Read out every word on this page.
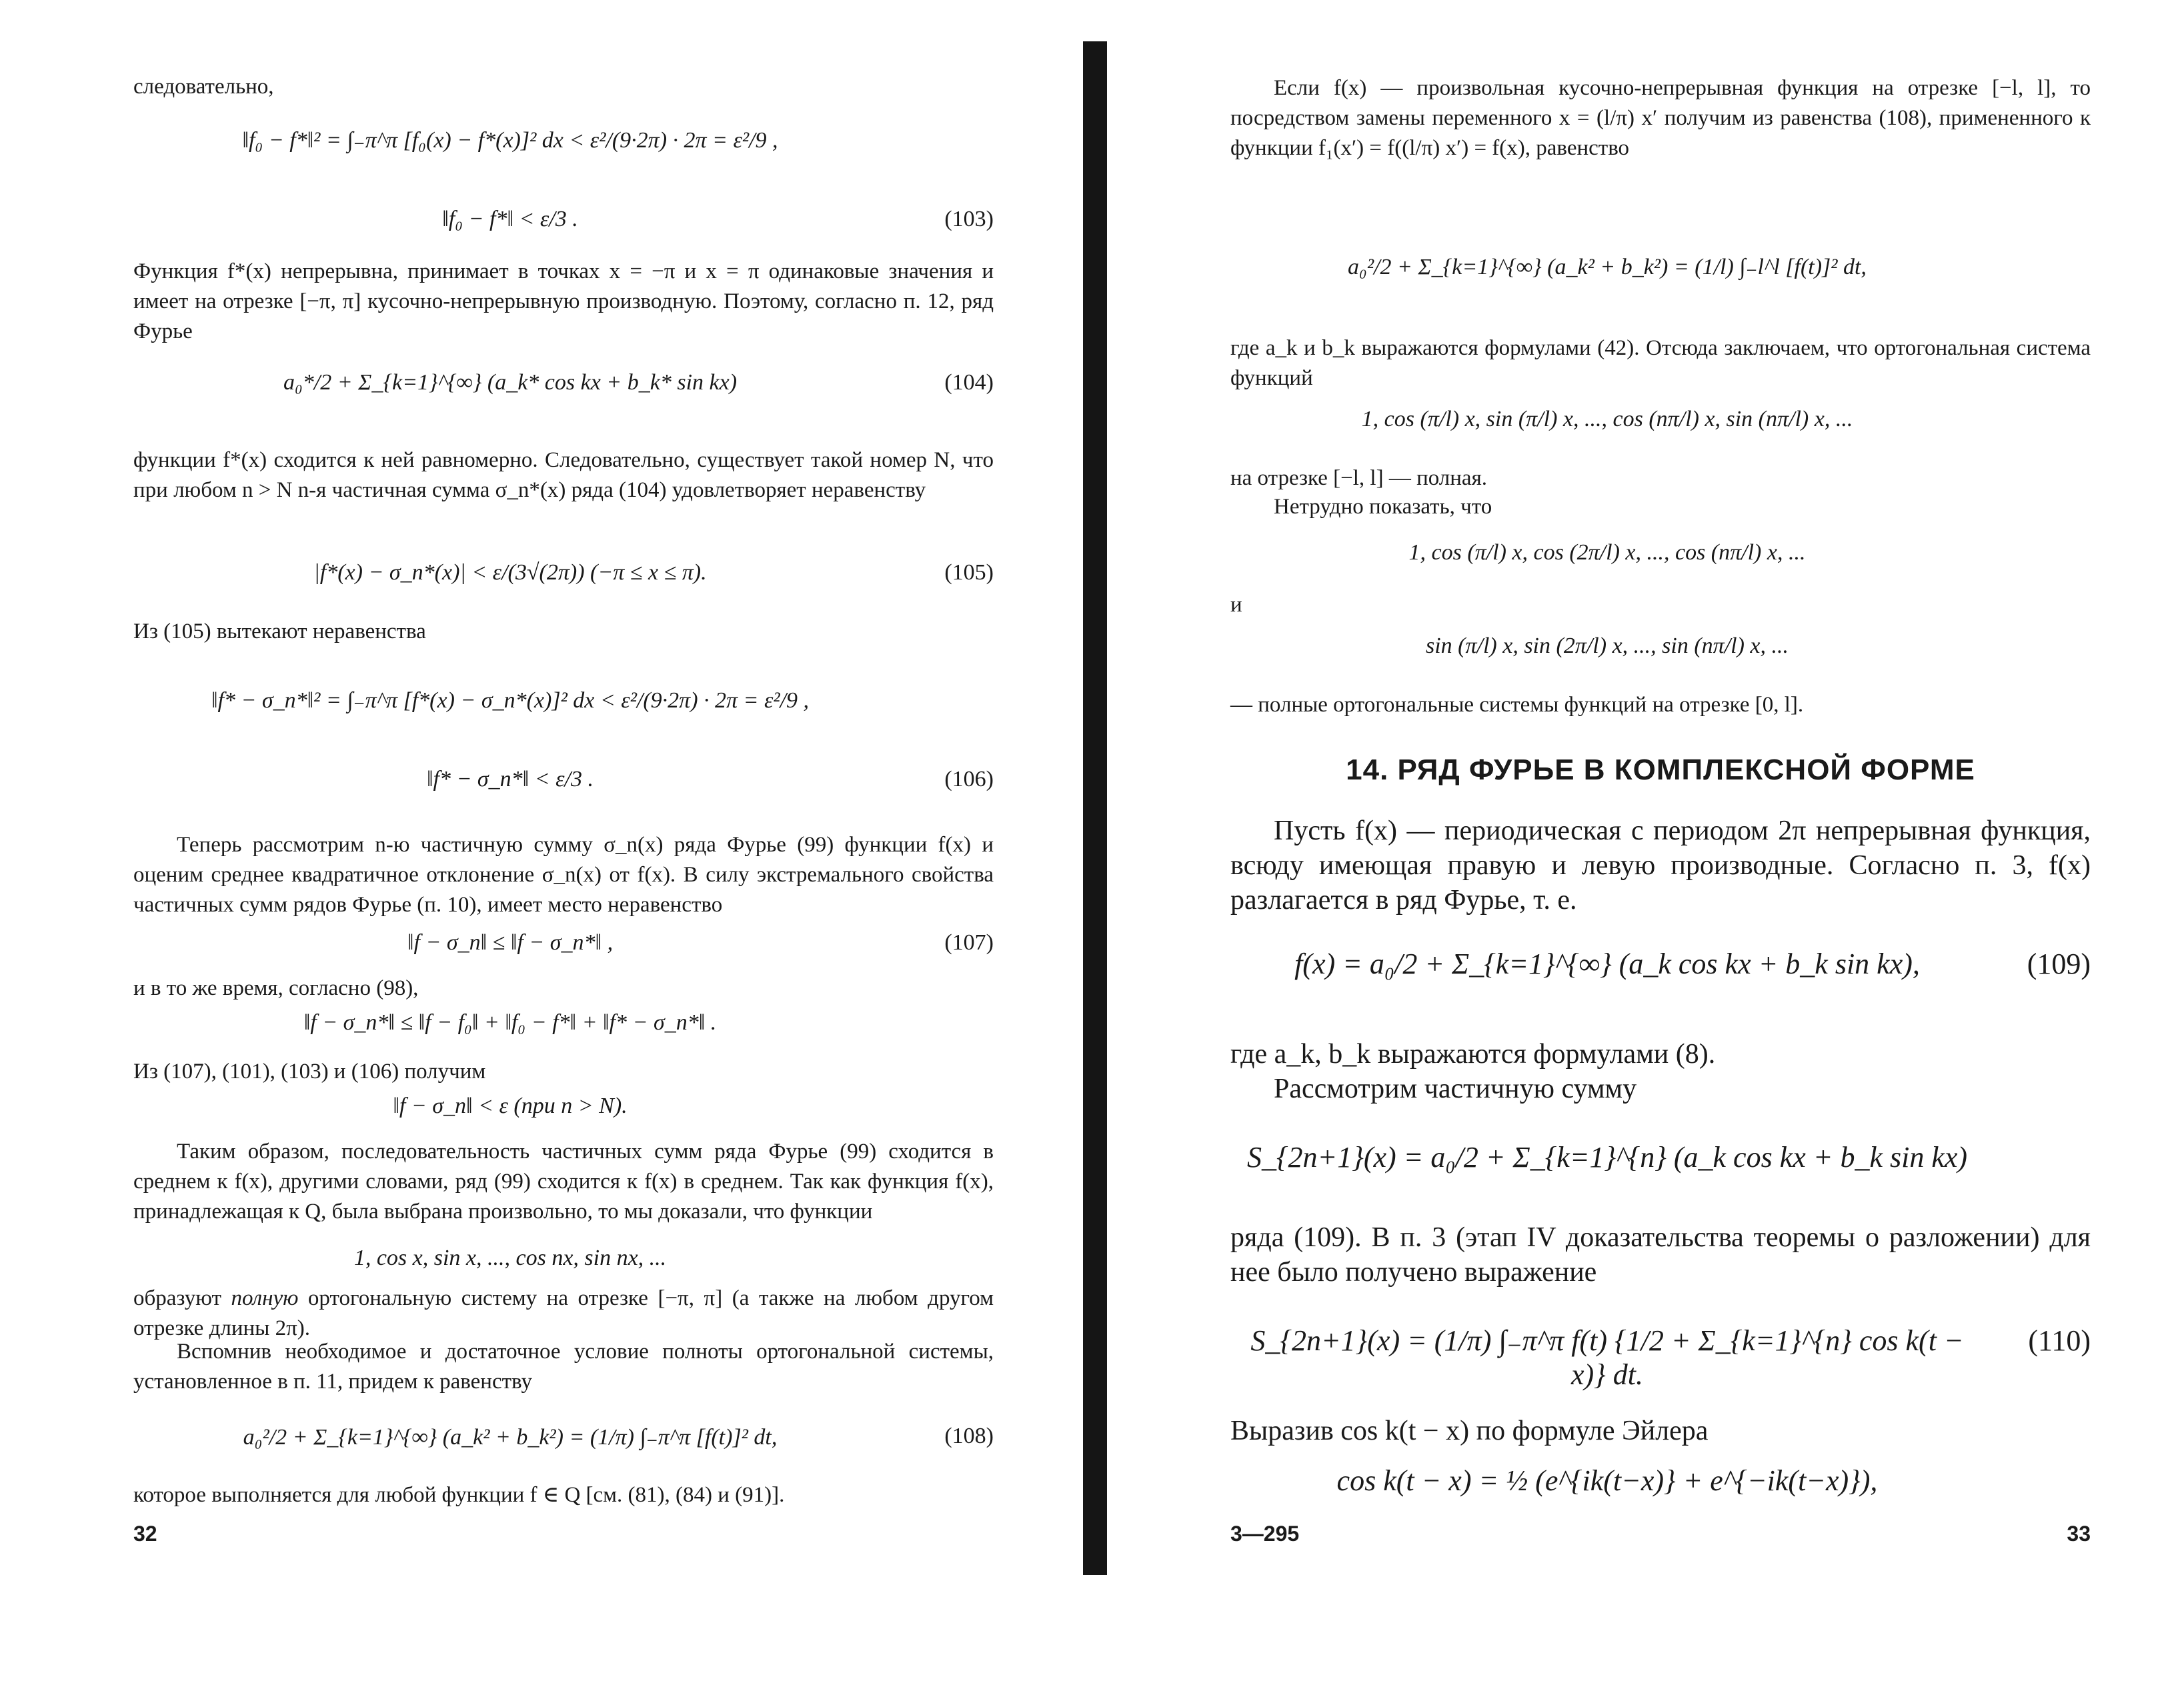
следовательно,
‖f₀ − f*‖² = ∫₋π^π [f₀(x) − f*(x)]² dx < ε²/(9·2π) · 2π = ε²/9 ,
‖f₀ − f*‖ < ε/3 .	(103)
Функция f*(x) непрерывна, принимает в точках x = −π и x = π одинаковые значения и имеет на отрезке [−π, π] кусочно-непрерывную производную. Поэтому, согласно п. 12, ряд Фурье
a₀*/2 + Σ_{k=1}^{∞} (a_k* cos kx + b_k* sin kx)	(104)
функции f*(x) сходится к ней равномерно. Следовательно, существует такой номер N, что при любом n > N n-я частичная сумма σ_n*(x) ряда (104) удовлетворяет неравенству
|f*(x) − σ_n*(x)| < ε/(3√(2π)) (−π ≤ x ≤ π).	(105)
Из (105) вытекают неравенства
‖f* − σ_n*‖² = ∫₋π^π [f*(x) − σ_n*(x)]² dx < ε²/(9·2π) · 2π = ε²/9 ,
‖f* − σ_n*‖ < ε/3 .	(106)
Теперь рассмотрим n-ю частичную сумму σ_n(x) ряда Фурье (99) функции f(x) и оценим среднее квадратичное отклонение σ_n(x) от f(x). В силу экстремального свойства частичных сумм рядов Фурье (п. 10), имеет место неравенство
‖f − σ_n‖ ≤ ‖f − σ_n*‖ ,	(107)
и в то же время, согласно (98),
‖f − σ_n*‖ ≤ ‖f − f₀‖ + ‖f₀ − f*‖ + ‖f* − σ_n*‖ .
Из (107), (101), (103) и (106) получим
‖f − σ_n‖ < ε (при n > N).
Таким образом, последовательность частичных сумм ряда Фурье (99) сходится в среднем к f(x), другими словами, ряд (99) сходится к f(x) в среднем. Так как функция f(x), принадлежащая к Q, была выбрана произвольно, то мы доказали, что функции
1, cos x, sin x, ..., cos nx, sin nx, ...
образуют полную ортогональную систему на отрезке [−π, π] (а также на любом другом отрезке длины 2π).
Вспомнив необходимое и достаточное условие полноты ортогональной системы, установленное в п. 11, придем к равенству
a₀²/2 + Σ_{k=1}^{∞} (a_k² + b_k²) = (1/π) ∫₋π^π [f(t)]² dt,	(108)
которое выполняется для любой функции f ∈ Q [см. (81), (84) и (91)].
32
Если f(x) — произвольная кусочно-непрерывная функция на отрезке [−l, l], то посредством замены переменного x = (l/π) x′ получим из равенства (108), примененного к функции f₁(x′) = f((l/π) x′) = f(x), равенство
a₀²/2 + Σ_{k=1}^{∞} (a_k² + b_k²) = (1/l) ∫₋l^l [f(t)]² dt,
где a_k и b_k выражаются формулами (42). Отсюда заключаем, что ортогональная система функций
1, cos (π/l) x, sin (π/l) x, ..., cos (nπ/l) x, sin (nπ/l) x, ...
на отрезке [−l, l] — полная.
Нетрудно показать, что
1, cos (π/l) x, cos (2π/l) x, ..., cos (nπ/l) x, ...
и
sin (π/l) x, sin (2π/l) x, ..., sin (nπ/l) x, ...
— полные ортогональные системы функций на отрезке [0, l].
14. РЯД ФУРЬЕ В КОМПЛЕКСНОЙ ФОРМЕ
Пусть f(x) — периодическая с периодом 2π непрерывная функция, всюду имеющая правую и левую производные. Согласно п. 3, f(x) разлагается в ряд Фурье, т. е.
f(x) = a₀/2 + Σ_{k=1}^{∞} (a_k cos kx + b_k sin kx),	(109)
где a_k, b_k выражаются формулами (8).
Рассмотрим частичную сумму
S_{2n+1}(x) = a₀/2 + Σ_{k=1}^{n} (a_k cos kx + b_k sin kx)
ряда (109). В п. 3 (этап IV доказательства теоремы о разложении) для нее было получено выражение
S_{2n+1}(x) = (1/π) ∫₋π^π f(t) {1/2 + Σ_{k=1}^{n} cos k(t − x)} dt.
(110)
Выразив cos k(t − x) по формуле Эйлера
cos k(t − x) = ½ (e^{ik(t−x)} + e^{−ik(t−x)}),
3—295	33
